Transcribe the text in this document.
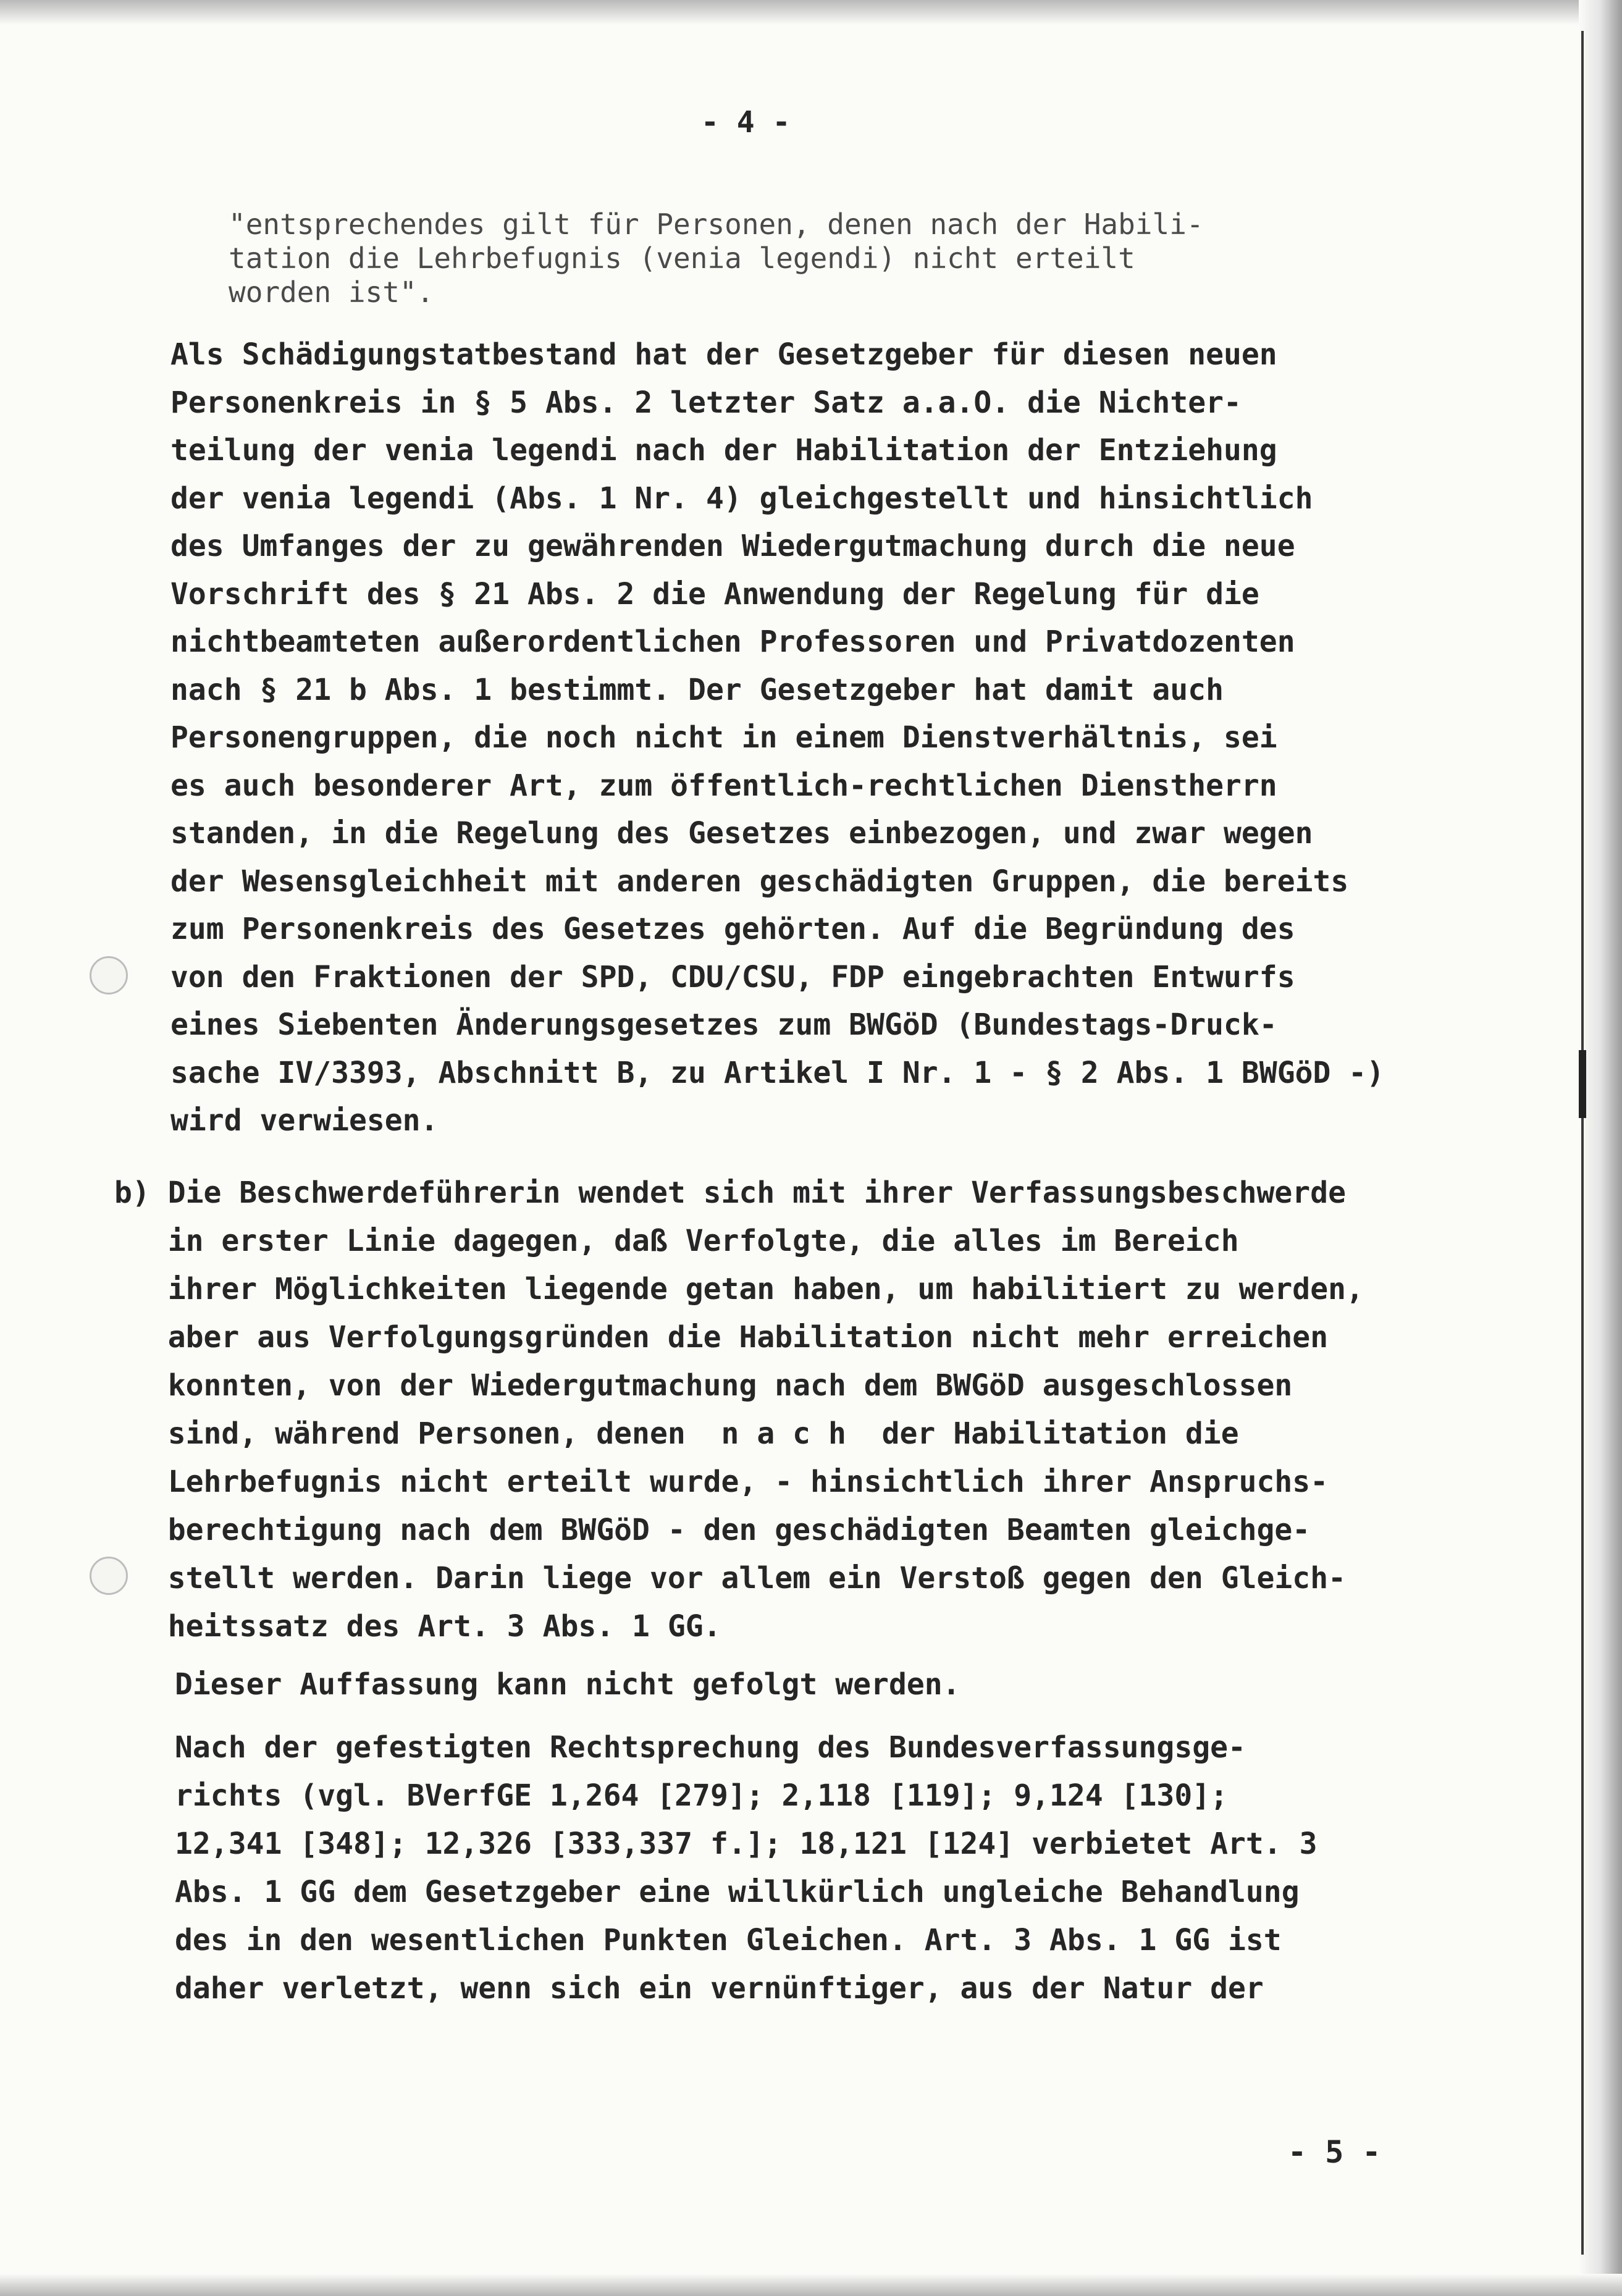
- 4 -
"entsprechendes gilt für Personen, denen nach der Habili-
tation die Lehrbefugnis (venia legendi) nicht erteilt
worden ist".
Als Schädigungstatbestand hat der Gesetzgeber für diesen neuen
Personenkreis in § 5 Abs. 2 letzter Satz a.a.O. die Nichter-
teilung der venia legendi nach der Habilitation der Entziehung
der venia legendi (Abs. 1 Nr. 4) gleichgestellt und hinsichtlich
des Umfanges der zu gewährenden Wiedergutmachung durch die neue
Vorschrift des § 21 Abs. 2 die Anwendung der Regelung für die
nichtbeamteten außerordentlichen Professoren und Privatdozenten
nach § 21 b Abs. 1 bestimmt. Der Gesetzgeber hat damit auch
Personengruppen, die noch nicht in einem Dienstverhältnis, sei
es auch besonderer Art, zum öffentlich-rechtlichen Dienstherrn
standen, in die Regelung des Gesetzes einbezogen, und zwar wegen
der Wesensgleichheit mit anderen geschädigten Gruppen, die bereits
zum Personenkreis des Gesetzes gehörten. Auf die Begründung des
von den Fraktionen der SPD, CDU/CSU, FDP eingebrachten Entwurfs
eines Siebenten Änderungsgesetzes zum BWGöD (Bundestags-Druck-
sache IV/3393, Abschnitt B, zu Artikel I Nr. 1 - § 2 Abs. 1 BWGöD -)
wird verwiesen.
b) Die Beschwerdeführerin wendet sich mit ihrer Verfassungsbeschwerde
in erster Linie dagegen, daß Verfolgte, die alles im Bereich
ihrer Möglichkeiten liegende getan haben, um habilitiert zu werden,
aber aus Verfolgungsgründen die Habilitation nicht mehr erreichen
konnten, von der Wiedergutmachung nach dem BWGöD ausgeschlossen
sind, während Personen, denen  n a c h  der Habilitation die
Lehrbefugnis nicht erteilt wurde, - hinsichtlich ihrer Anspruchs-
berechtigung nach dem BWGöD - den geschädigten Beamten gleichge-
stellt werden. Darin liege vor allem ein Verstoß gegen den Gleich-
heitssatz des Art. 3 Abs. 1 GG.
Dieser Auffassung kann nicht gefolgt werden.
Nach der gefestigten Rechtsprechung des Bundesverfassungsge-
richts (vgl. BVerfGE 1,264 [279]; 2,118 [119]; 9,124 [130];
12,341 [348]; 12,326 [333,337 f.]; 18,121 [124] verbietet Art. 3
Abs. 1 GG dem Gesetzgeber eine willkürlich ungleiche Behandlung
des in den wesentlichen Punkten Gleichen. Art. 3 Abs. 1 GG ist
daher verletzt, wenn sich ein vernünftiger, aus der Natur der
- 5 -
